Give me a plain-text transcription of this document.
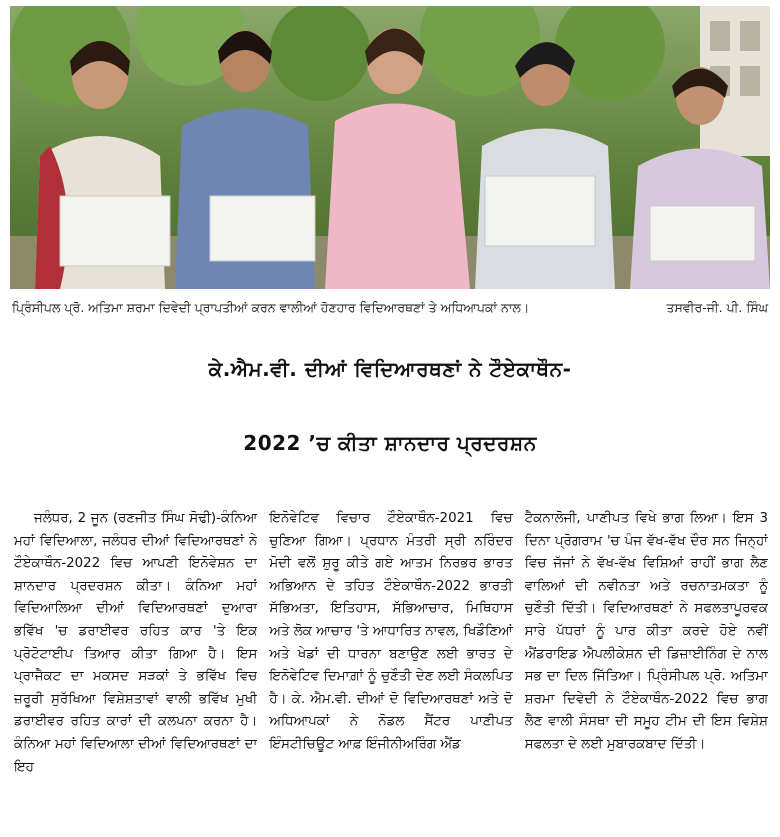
ਪ੍ਰਿੰਸੀਪਲ ਪ੍ਰੋ. ਅਤਿਮਾ ਸ਼ਰਮਾ ਦਿਵੇਦੀ ਪ੍ਰਾਪਤੀਆਂ ਕਰਨ ਵਾਲੀਆਂ ਹੋਣਹਾਰ ਵਿਦਿਆਰਥਣਾਂ ਤੇ ਅਧਿਆਪਕਾਂ ਨਾਲ।	ਤਸਵੀਰ-ਜੀ. ਪੀ. ਸਿੰਘ
ਕੇ.ਐਮ.ਵੀ. ਦੀਆਂ ਵਿਦਿਆਰਥਣਾਂ ਨੇ ਟੌਏਕਾਥੌਨ-
2022 ’ਚ ਕੀਤਾ ਸ਼ਾਨਦਾਰ ਪ੍ਰਦਰਸ਼ਨ

ਜਲੰਧਰ, 2 ਜੂਨ (ਰਣਜੀਤ ਸਿੰਘ ਸੋਢੀ)-ਕੰਨਿਆ ਮਹਾਂ ਵਿਦਿਆਲਾ, ਜਲੰਧਰ ਦੀਆਂ ਵਿਦਿਆਰਥਣਾਂ ਨੇ ਟੌਏਕਾਥੌਨ-2022 ਵਿਚ ਆਪਣੀ ਇਨੋਵੇਸ਼ਨ ਦਾ ਸ਼ਾਨਦਾਰ ਪ੍ਰਦਰਸ਼ਨ ਕੀਤਾ। ਕੰਨਿਆ ਮਹਾਂ ਵਿਦਿਆਲਿਆ ਦੀਆਂ ਵਿਦਿਆਰਥਣਾਂ ਦੁਆਰਾ ਭਵਿੱਖ 'ਚ ਡਰਾਈਵਰ ਰਹਿਤ ਕਾਰ 'ਤੇ ਇਕ ਪ੍ਰੋਟੋਟਾਈਪ ਤਿਆਰ ਕੀਤਾ ਗਿਆ ਹੈ। ਇਸ ਪ੍ਰਾਜੈਕਟ ਦਾ ਮਕਸਦ ਸੜਕਾਂ ਤੇ ਭਵਿੱਖ ਵਿਚ ਜ਼ਰੂਰੀ ਸੁਰੱਖਿਆ ਵਿਸ਼ੇਸ਼ਤਾਵਾਂ ਵਾਲੀ ਭਵਿੱਖ ਮੁਖੀ ਡਰਾਈਵਰ ਰਹਿਤ ਕਾਰਾਂ ਦੀ ਕਲਪਨਾ ਕਰਨਾ ਹੈ। ਕੰਨਿਆ ਮਹਾਂ ਵਿਦਿਆਲਾ ਦੀਆਂ ਵਿਦਿਆਰਥਣਾਂ ਦਾ ਇਹ

ਇਨੋਵੇਟਿਵ ਵਿਚਾਰ ਟੌਏਕਾਥੌਨ-2021 ਵਿਚ ਚੁਣਿਆ ਗਿਆ। ਪ੍ਰਧਾਨ ਮੰਤਰੀ ਸ੍ਰੀ ਨਰਿੰਦਰ ਮੋਦੀ ਵਲੋਂ ਸ਼ੁਰੂ ਕੀਤੇ ਗਏ ਆਤਮ ਨਿਰਭਰ ਭਾਰਤ ਅਭਿਆਨ ਦੇ ਤਹਿਤ ਟੌਏਕਾਥੌਨ-2022 ਭਾਰਤੀ ਸੱਭਿਅਤਾ, ਇਤਿਹਾਸ, ਸੱਭਿਆਚਾਰ, ਮਿਥਿਹਾਸ ਅਤੇ ਲੋਕ ਆਚਾਰ 'ਤੇ ਆਧਾਰਿਤ ਨਾਵਲ, ਖਿਡੌਣਿਆਂ ਅਤੇ ਖੇਡਾਂ ਦੀ ਧਾਰਨਾ ਬਣਾਉਣ ਲਈ ਭਾਰਤ ਦੇ ਇਨੋਵੇਟਿਵ ਦਿਮਾਗ਼ਾਂ ਨੂੰ ਚੁਣੌਤੀ ਦੇਣ ਲਈ ਸੰਕਲਪਿਤ ਹੈ। ਕੇ. ਐਮ.ਵੀ. ਦੀਆਂ ਦੋ ਵਿਦਿਆਰਥਣਾਂ ਅਤੇ ਦੋ ਅਧਿਆਪਕਾਂ ਨੇ ਨੋਡਲ ਸੈਂਟਰ ਪਾਣੀਪਤ ਇੰਸਟੀਚਿਊਟ ਆਫ਼ ਇੰਜੀਨੀਅਰਿੰਗ ਐਂਡ

ਟੈਕਨਾਲੋਜੀ, ਪਾਣੀਪਤ ਵਿਖੇ ਭਾਗ ਲਿਆ। ਇਸ 3 ਦਿਨਾ ਪ੍ਰੋਗਰਾਮ 'ਚ ਪੰਜ ਵੱਖ-ਵੱਖ ਦੌਰ ਸਨ ਜਿਨ੍ਹਾਂ ਵਿਚ ਜੱਜਾਂ ਨੇ ਵੱਖ-ਵੱਖ ਵਿਸ਼ਿਆਂ ਰਾਹੀਂ ਭਾਗ ਲੈਣ ਵਾਲਿਆਂ ਦੀ ਨਵੀਨਤਾ ਅਤੇ ਰਚਨਾਤਮਕਤਾ ਨੂੰ ਚੁਣੌਤੀ ਦਿੱਤੀ। ਵਿਦਿਆਰਥਣਾਂ ਨੇ ਸਫਲਤਾਪੂਰਵਕ ਸਾਰੇ ਪੱਧਰਾਂ ਨੂੰ ਪਾਰ ਕੀਤਾ ਕਰਦੇ ਹੋਏ ਨਵੀਂ ਐਂਡਰਾਇਡ ਐਪਲੀਕੇਸ਼ਨ ਦੀ ਡਿਜ਼ਾਈਨਿੰਗ ਦੇ ਨਾਲ ਸਭ ਦਾ ਦਿਲ ਜਿੱਤਿਆ। ਪ੍ਰਿੰਸੀਪਲ ਪ੍ਰੋ. ਅਤਿਮਾ ਸ਼ਰਮਾ ਦਿਵੇਦੀ ਨੇ ਟੌਏਕਾਥੌਨ-2022 ਵਿਚ ਭਾਗ ਲੈਣ ਵਾਲੀ ਸੰਸਥਾ ਦੀ ਸਮੂਹ ਟੀਮ ਦੀ ਇਸ ਵਿਸ਼ੇਸ਼ ਸਫਲਤਾ ਦੇ ਲਈ ਮੁਬਾਰਕਬਾਦ ਦਿੱਤੀ।
